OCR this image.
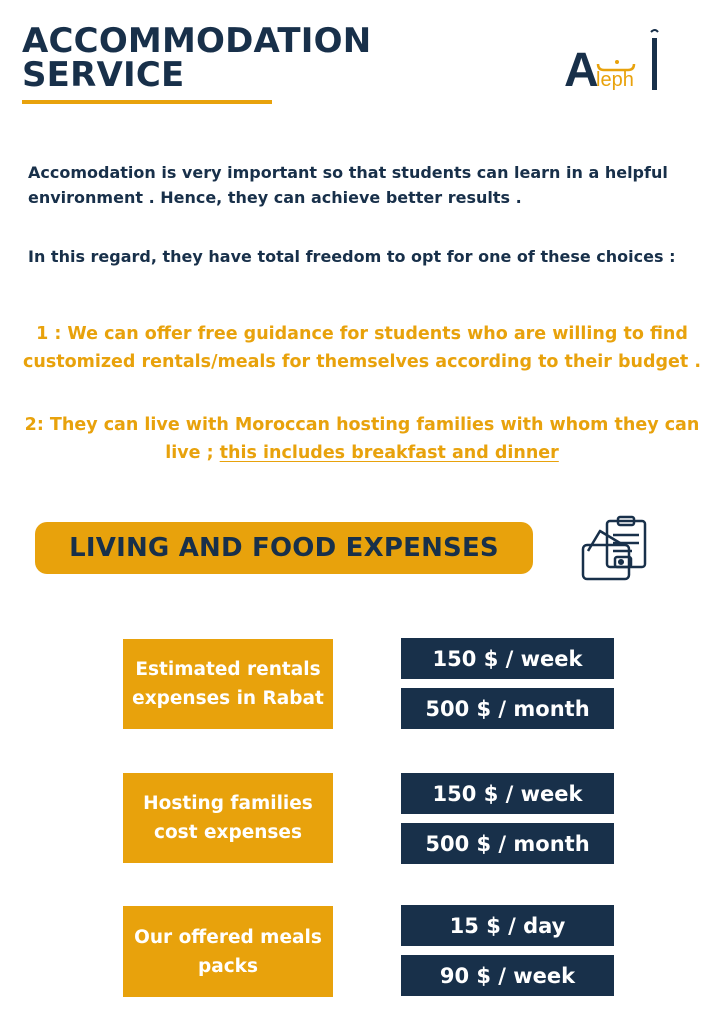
ACCOMMODATION
SERVICE	A
leph

Accomodation is very important so that students can learn in a helpful environment . Hence, they can achieve better results .

In this regard, they have total freedom to opt for one of these choices :

1 : We can offer free guidance for students who are willing to find customized rentals/meals for themselves according to their budget .

2: They can live with Moroccan hosting families with whom they can live ; this includes breakfast and dinner

LIVING AND FOOD EXPENSES
Estimated rentals expenses in Rabat
150 $ / week
500 $ / month
Hosting families cost expenses
150 $ / week
500 $ / month
Our offered meals packs
15 $ / day
90 $ / week
